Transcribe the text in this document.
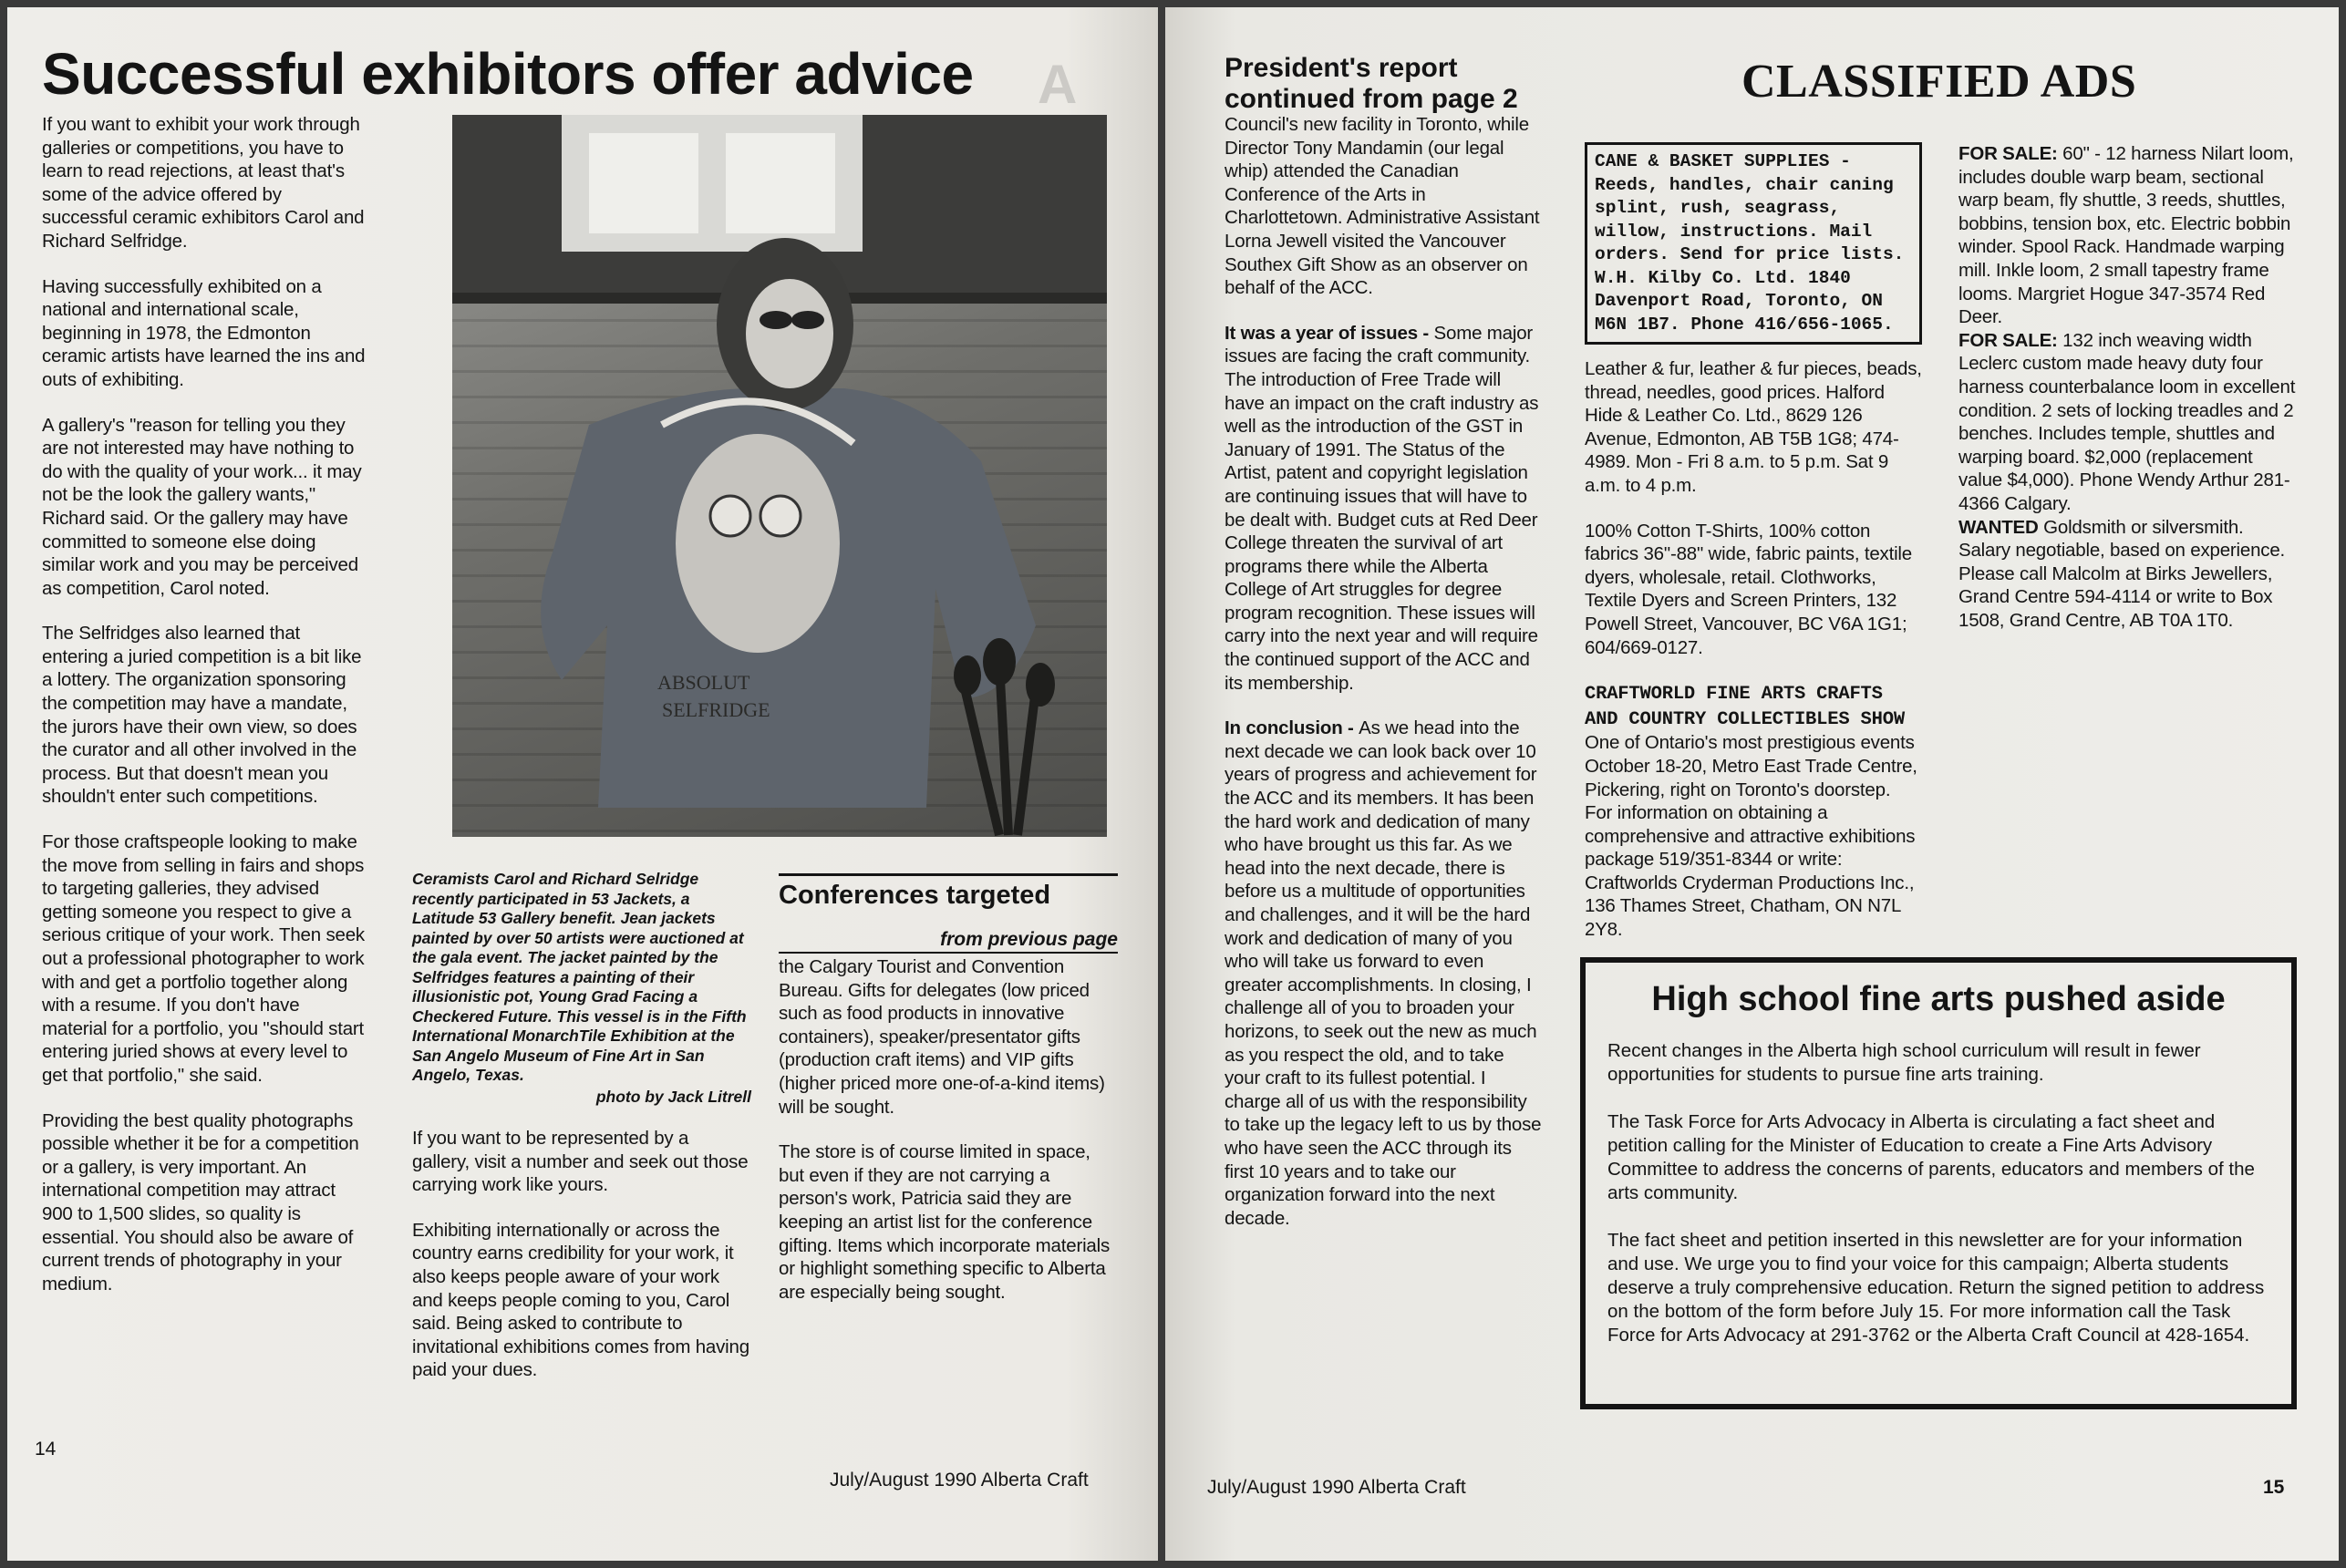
A
Successful exhibitors offer advice

If you want to exhibit your work through galleries or competitions, you have to learn to read rejections, at least that's some of the advice offered by successful ceramic exhibitors Carol and Richard Selfridge.

Having successfully exhibited on a national and international scale, beginning in 1978, the Edmonton ceramic artists have learned the ins and outs of exhibiting.

A gallery's "reason for telling you they are not interested may have nothing to do with the quality of your work... it may not be the look the gallery wants," Richard said. Or the gallery may have committed to someone else doing similar work and you may be perceived as competition, Carol noted.

The Selfridges also learned that entering a juried competition is a bit like a lottery. The organization sponsoring the competition may have a mandate, the jurors have their own view, so does the curator and all other involved in the process. But that doesn't mean you shouldn't enter such competitions.

For those craftspeople looking to make the move from selling in fairs and shops to targeting galleries, they advised getting someone you respect to give a serious critique of your work. Then seek out a professional photographer to work with and get a portfolio together along with a resume. If you don't have material for a portfolio, you "should start entering juried shows at every level to get that portfolio," she said.

Providing the best quality photographs possible whether it be for a competition or a gallery, is very important. An international competition may attract 900 to 1,500 slides, so quality is essential. You should also be aware of current trends of photography in your medium.

ABSOLUT
SELFRIDGE

Ceramists Carol and Richard Selridge recently participated in 53 Jackets, a Latitude 53 Gallery benefit. Jean jackets painted by over 50 artists were auctioned at the gala event. The jacket painted by the Selfridges features a painting of their illusionistic pot, Young Grad Facing a Checkered Future. This vessel is in the Fifth International MonarchTile Exhibition at the San Angelo Museum of Fine Art in San Angelo, Texas.

photo by Jack Litrell

If you want to be represented by a gallery, visit a number and seek out those carrying work like yours.

Exhibiting internationally or across the country earns credibility for your work, it also keeps people aware of your work and keeps people coming to you, Carol said. Being asked to contribute to invitational exhibitions comes from having paid your dues.

Conferences targeted
from previous page

the Calgary Tourist and Convention Bureau. Gifts for delegates (low priced such as food products in innovative containers), speaker/presentator gifts (production craft items) and VIP gifts (higher priced more one-of-a-kind items) will be sought.

The store is of course limited in space, but even if they are not carrying a person's work, Patricia said they are keeping an artist list for the conference gifting. Items which incorporate materials or highlight something specific to Alberta are especially being sought.

14
July/August 1990 Alberta Craft
President's report
continued from page 2

Council's new facility in Toronto, while Director Tony Mandamin (our legal whip) attended the Canadian Conference of the Arts in Charlottetown. Administrative Assistant Lorna Jewell visited the Vancouver Southex Gift Show as an observer on behalf of the ACC.

It was a year of issues - Some major issues are facing the craft community. The introduction of Free Trade will have an impact on the craft industry as well as the introduction of the GST in January of 1991. The Status of the Artist, patent and copyright legislation are continuing issues that will have to be dealt with. Budget cuts at Red Deer College threaten the survival of art programs there while the Alberta College of Art struggles for degree program recognition. These issues will carry into the next year and will require the continued support of the ACC and its membership.

In conclusion - As we head into the next decade we can look back over 10 years of progress and achievement for the ACC and its members. It has been the hard work and dedication of many who have brought us this far. As we head into the next decade, there is before us a multitude of opportunities and challenges, and it will be the hard work and dedication of many of you who will take us forward to even greater accomplishments. In closing, I challenge all of you to broaden your horizons, to seek out the new as much as you respect the old, and to take your craft to its fullest potential. I charge all of us with the responsibility to take up the legacy left to us by those who have seen the ACC through its first 10 years and to take our organization forward into the next decade.

CLASSIFIED ADS
CANE & BASKET SUPPLIES - Reeds, handles, chair caning splint, rush, seagrass, willow, instructions. Mail orders. Send for price lists. W.H. Kilby Co. Ltd. 1840 Davenport Road, Toronto, ON M6N 1B7. Phone 416/656-1065.

Leather & fur, leather & fur pieces, beads, thread, needles, good prices. Halford Hide & Leather Co. Ltd., 8629 126 Avenue, Edmonton, AB T5B 1G8; 474-4989. Mon - Fri 8 a.m. to 5 p.m. Sat 9 a.m. to 4 p.m.

100% Cotton T-Shirts, 100% cotton fabrics 36"-88" wide, fabric paints, textile dyers, wholesale, retail. Clothworks, Textile Dyers and Screen Printers, 132 Powell Street, Vancouver, BC V6A 1G1; 604/669-0127.

CRAFTWORLD FINE ARTS CRAFTS AND COUNTRY COLLECTIBLES SHOW One of Ontario's most prestigious events October 18-20, Metro East Trade Centre, Pickering, right on Toronto's doorstep. For information on obtaining a comprehensive and attractive exhibitions package 519/351-8344 or write: Craftworlds Cryderman Productions Inc., 136 Thames Street, Chatham, ON N7L 2Y8.

FOR SALE: 60" - 12 harness Nilart loom, includes double warp beam, sectional warp beam, fly shuttle, 3 reeds, shuttles, bobbins, tension box, etc. Electric bobbin winder. Spool Rack. Handmade warping mill. Inkle loom, 2 small tapestry frame looms. Margriet Hogue 347-3574 Red Deer.
FOR SALE: 132 inch weaving width Leclerc custom made heavy duty four harness counterbalance loom in excellent condition. 2 sets of locking treadles and 2 benches. Includes temple, shuttles and warping board. $2,000 (replacement value $4,000). Phone Wendy Arthur 281-4366 Calgary.
WANTED Goldsmith or silversmith. Salary negotiable, based on experience. Please call Malcolm at Birks Jewellers, Grand Centre 594-4114 or write to Box 1508, Grand Centre, AB T0A 1T0.
High school fine arts pushed aside

Recent changes in the Alberta high school curriculum will result in fewer opportunities for students to pursue fine arts training.

The Task Force for Arts Advocacy in Alberta is circulating a fact sheet and petition calling for the Minister of Education to create a Fine Arts Advisory Committee to address the concerns of parents, educators and members of the arts community.

The fact sheet and petition inserted in this newsletter are for your information and use. We urge you to find your voice for this campaign; Alberta students deserve a truly comprehensive education. Return the signed petition to address on the bottom of the form before July 15. For more information call the Task Force for Arts Advocacy at 291-3762 or the Alberta Craft Council at 428-1654.

July/August 1990 Alberta Craft	15
